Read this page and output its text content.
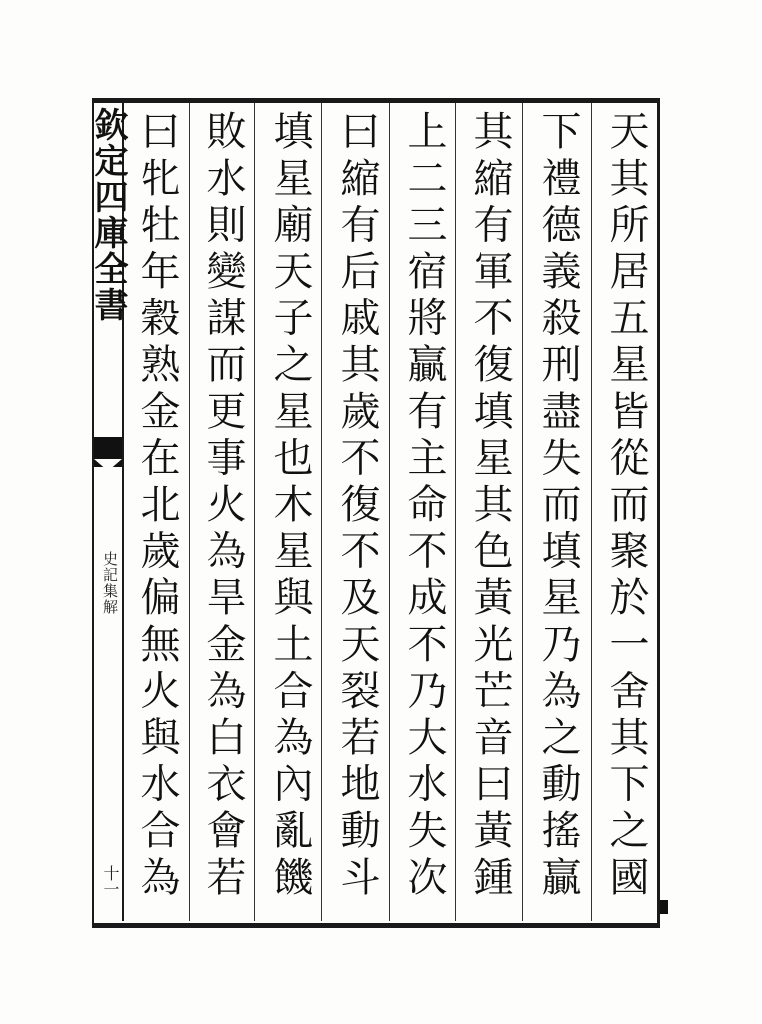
欽定四庫全書
史記集解
十一
天其所居五星皆從而聚於一舍其下之國
下禮德義殺刑盡失而填星乃為之動搖贏
其縮有軍不復填星其色黃光芒音曰黃鍾
上二三宿將贏有主命不成不乃大水失次
曰縮有后戚其歲不復不及天裂若地動斗
填星廟天子之星也木星與土合為內亂饑
敗水則變謀而更事火為旱金為白衣會若
曰牝牡年穀熟金在北歲偏無火與水合為
